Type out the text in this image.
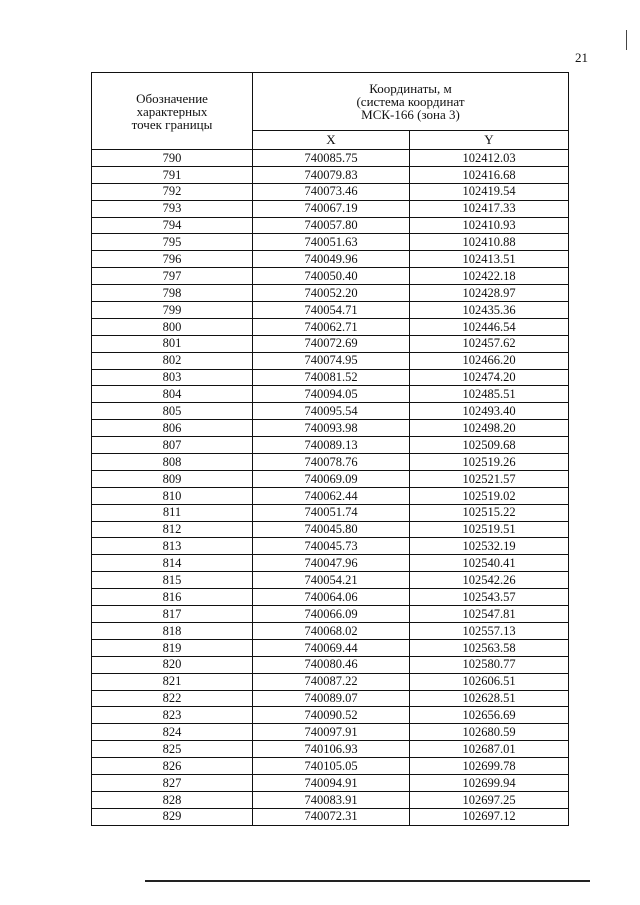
21
Обозначение
характерных
точек границы	Координаты, м
(система координат
МСК-166 (зона 3)	

	X	Y
790	740085.75	102412.03
791	740079.83	102416.68
792	740073.46	102419.54
793	740067.19	102417.33
794	740057.80	102410.93
795	740051.63	102410.88
796	740049.96	102413.51
797	740050.40	102422.18
798	740052.20	102428.97
799	740054.71	102435.36
800	740062.71	102446.54
801	740072.69	102457.62
802	740074.95	102466.20
803	740081.52	102474.20
804	740094.05	102485.51
805	740095.54	102493.40
806	740093.98	102498.20
807	740089.13	102509.68
808	740078.76	102519.26
809	740069.09	102521.57
810	740062.44	102519.02
811	740051.74	102515.22
812	740045.80	102519.51
813	740045.73	102532.19
814	740047.96	102540.41
815	740054.21	102542.26
816	740064.06	102543.57
817	740066.09	102547.81
818	740068.02	102557.13
819	740069.44	102563.58
820	740080.46	102580.77
821	740087.22	102606.51
822	740089.07	102628.51
823	740090.52	102656.69
824	740097.91	102680.59
825	740106.93	102687.01
826	740105.05	102699.78
827	740094.91	102699.94
828	740083.91	102697.25
829	740072.31	102697.12
